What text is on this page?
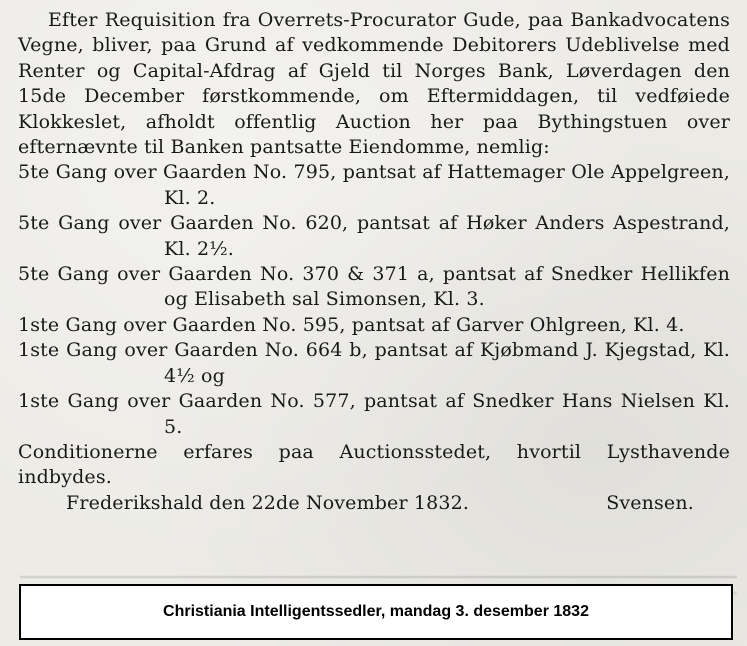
Efter Requisition fra Overrets-Procurator Gude, paa Bankadvocatens Vegne, bliver, paa Grund af vedkommende Debitorers Udeblivelse med Renter og Capital-Afdrag af Gjeld til Norges Bank, Løverdagen den 15de December førstkommende, om Eftermiddagen, til vedføiede Klokkeslet, afholdt offentlig Auction her paa Bythingstuen over efternævnte til Banken pantsatte Eiendomme, nemlig:

5te Gang over Gaarden No. 795, pantsat af Hattemager Ole Appelgreen, Kl. 2.

5te Gang over Gaarden No. 620, pantsat af Høker Anders Aspestrand, Kl. 2½.

5te Gang over Gaarden No. 370 & 371 a, pantsat af Snedker Hellikfen og Elisabeth sal Simonsen, Kl. 3.

1ste Gang over Gaarden No. 595, pantsat af Garver Ohlgreen, Kl. 4.

1ste Gang over Gaarden No. 664 b, pantsat af Kjøbmand J. Kjegstad, Kl. 4½ og

1ste Gang over Gaarden No. 577, pantsat af Snedker Hans Nielsen Kl. 5.

Conditionerne erfares paa Auctionsstedet, hvortil Lysthavende indbydes.

Frederikshald den 22de November 1832.	Svensen.

Christiania Intelligentssedler, mandag 3. desember 1832
